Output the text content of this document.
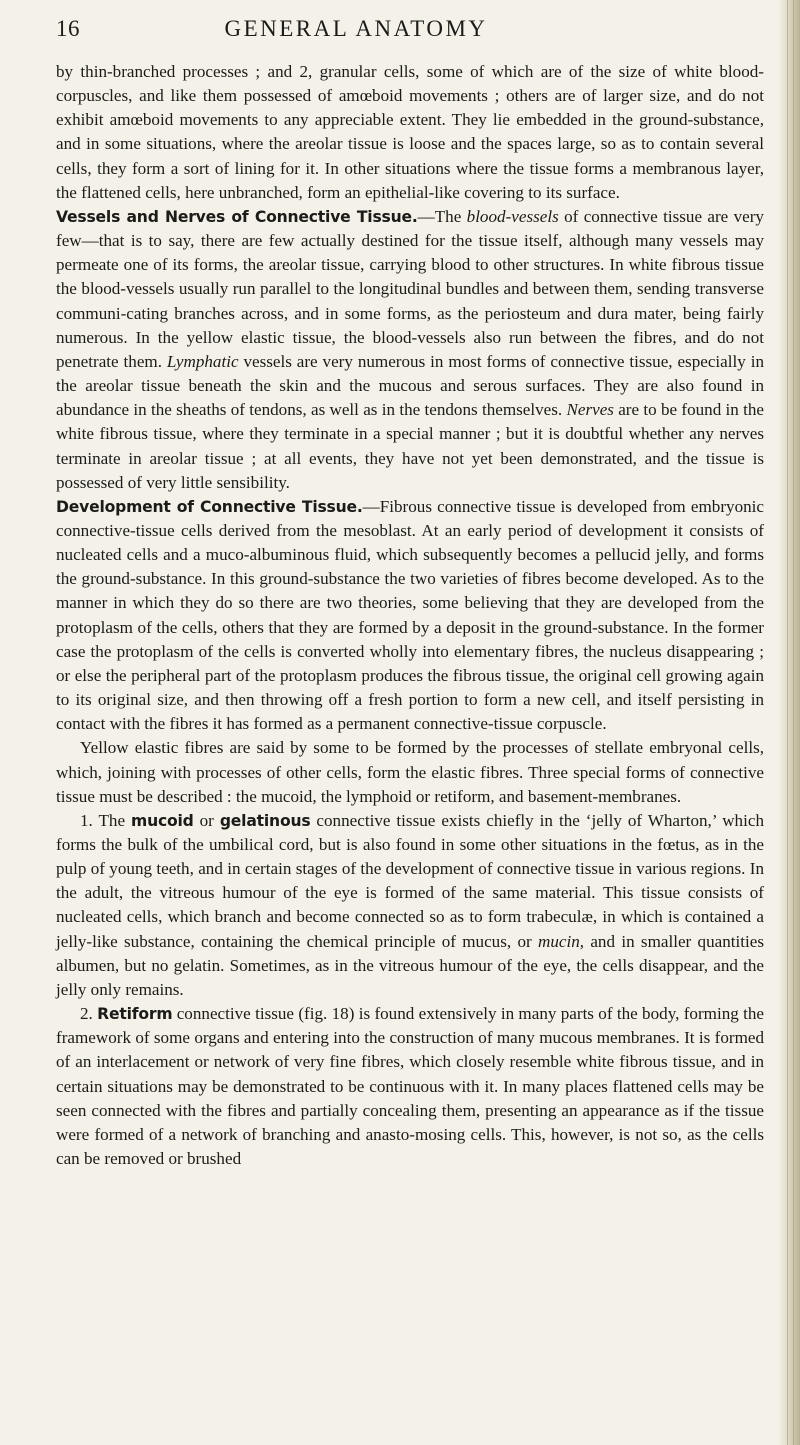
16	GENERAL ANATOMY

by thin-branched processes ; and 2, granular cells, some of which are of the size of white blood-corpuscles, and like them possessed of amœboid movements ; others are of larger size, and do not exhibit amœboid movements to any appreciable extent. They lie embedded in the ground-substance, and in some situations, where the areolar tissue is loose and the spaces large, so as to contain several cells, they form a sort of lining for it. In other situations where the tissue forms a membranous layer, the flattened cells, here unbranched, form an epithelial-like covering to its surface.

Vessels and Nerves of Connective Tissue.—The blood-vessels of connective tissue are very few—that is to say, there are few actually destined for the tissue itself, although many vessels may permeate one of its forms, the areolar tissue, carrying blood to other structures. In white fibrous tissue the blood-vessels usually run parallel to the longitudinal bundles and between them, sending transverse communi-cating branches across, and in some forms, as the periosteum and dura mater, being fairly numerous. In the yellow elastic tissue, the blood-vessels also run between the fibres, and do not penetrate them. Lymphatic vessels are very numerous in most forms of connective tissue, especially in the areolar tissue beneath the skin and the mucous and serous surfaces. They are also found in abundance in the sheaths of tendons, as well as in the tendons themselves. Nerves are to be found in the white fibrous tissue, where they terminate in a special manner ; but it is doubtful whether any nerves terminate in areolar tissue ; at all events, they have not yet been demonstrated, and the tissue is possessed of very little sensibility.

Development of Connective Tissue.—Fibrous connective tissue is developed from embryonic connective-tissue cells derived from the mesoblast. At an early period of development it consists of nucleated cells and a muco-albuminous fluid, which subsequently becomes a pellucid jelly, and forms the ground-substance. In this ground-substance the two varieties of fibres become developed. As to the manner in which they do so there are two theories, some believing that they are developed from the protoplasm of the cells, others that they are formed by a deposit in the ground-substance. In the former case the protoplasm of the cells is converted wholly into elementary fibres, the nucleus disappearing ; or else the peripheral part of the protoplasm produces the fibrous tissue, the original cell growing again to its original size, and then throwing off a fresh portion to form a new cell, and itself persisting in contact with the fibres it has formed as a permanent connective-tissue corpuscle.

Yellow elastic fibres are said by some to be formed by the processes of stellate embryonal cells, which, joining with processes of other cells, form the elastic fibres. Three special forms of connective tissue must be described : the mucoid, the lymphoid or retiform, and basement-membranes.

1. The mucoid or gelatinous connective tissue exists chiefly in the ‘jelly of Wharton,’ which forms the bulk of the umbilical cord, but is also found in some other situations in the fœtus, as in the pulp of young teeth, and in certain stages of the development of connective tissue in various regions. In the adult, the vitreous humour of the eye is formed of the same material. This tissue consists of nucleated cells, which branch and become connected so as to form trabeculæ, in which is contained a jelly-like substance, containing the chemical principle of mucus, or mucin, and in smaller quantities albumen, but no gelatin. Sometimes, as in the vitreous humour of the eye, the cells disappear, and the jelly only remains.

2. Retiform connective tissue (fig. 18) is found extensively in many parts of the body, forming the framework of some organs and entering into the construction of many mucous membranes. It is formed of an interlacement or network of very fine fibres, which closely resemble white fibrous tissue, and in certain situations may be demonstrated to be continuous with it. In many places flattened cells may be seen connected with the fibres and partially concealing them, presenting an appearance as if the tissue were formed of a network of branching and anasto-mosing cells. This, however, is not so, as the cells can be removed or brushed
